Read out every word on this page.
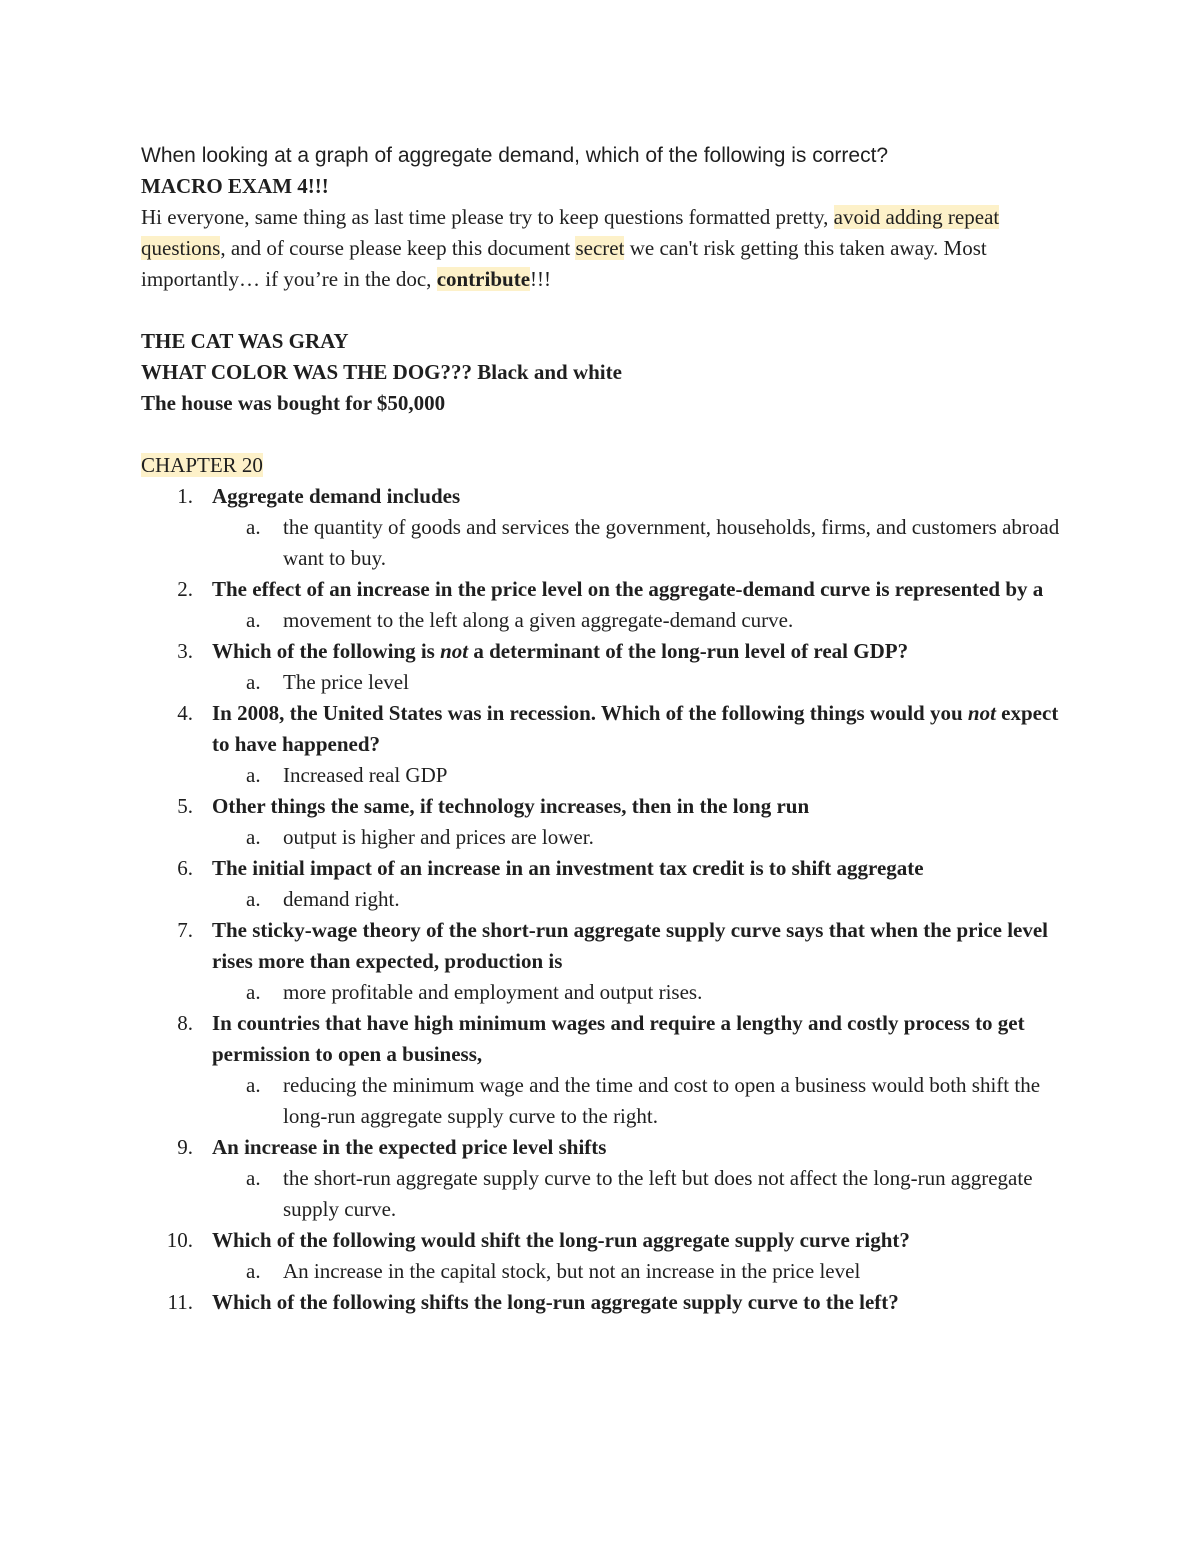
When looking at a graph of aggregate demand, which of the following is correct?

MACRO EXAM 4!!!

Hi everyone, same thing as last time please try to keep questions formatted pretty, avoid adding repeat questions, and of course please keep this document secret we can't risk getting this taken away. Most importantly… if you’re in the doc, contribute!!!

THE CAT WAS GRAY

WHAT COLOR WAS THE DOG??? Black and white

The house was bought for $50,000

CHAPTER 20

1. Aggregate demand includes
a. the quantity of goods and services the government, households, firms, and customers abroad want to buy.
2. The effect of an increase in the price level on the aggregate-demand curve is represented by a
a. movement to the left along a given aggregate-demand curve.
3. Which of the following is not a determinant of the long-run level of real GDP?
a. The price level
4. In 2008, the United States was in recession. Which of the following things would you not expect to have happened?
a. Increased real GDP
5. Other things the same, if technology increases, then in the long run
a. output is higher and prices are lower.
6. The initial impact of an increase in an investment tax credit is to shift aggregate
a. demand right.
7. The sticky-wage theory of the short-run aggregate supply curve says that when the price level rises more than expected, production is
a. more profitable and employment and output rises.
8. In countries that have high minimum wages and require a lengthy and costly process to get permission to open a business,
a. reducing the minimum wage and the time and cost to open a business would both shift the long-run aggregate supply curve to the right.
9. An increase in the expected price level shifts
a. the short-run aggregate supply curve to the left but does not affect the long-run aggregate supply curve.
10. Which of the following would shift the long-run aggregate supply curve right?
a. An increase in the capital stock, but not an increase in the price level
11. Which of the following shifts the long-run aggregate supply curve to the left?
